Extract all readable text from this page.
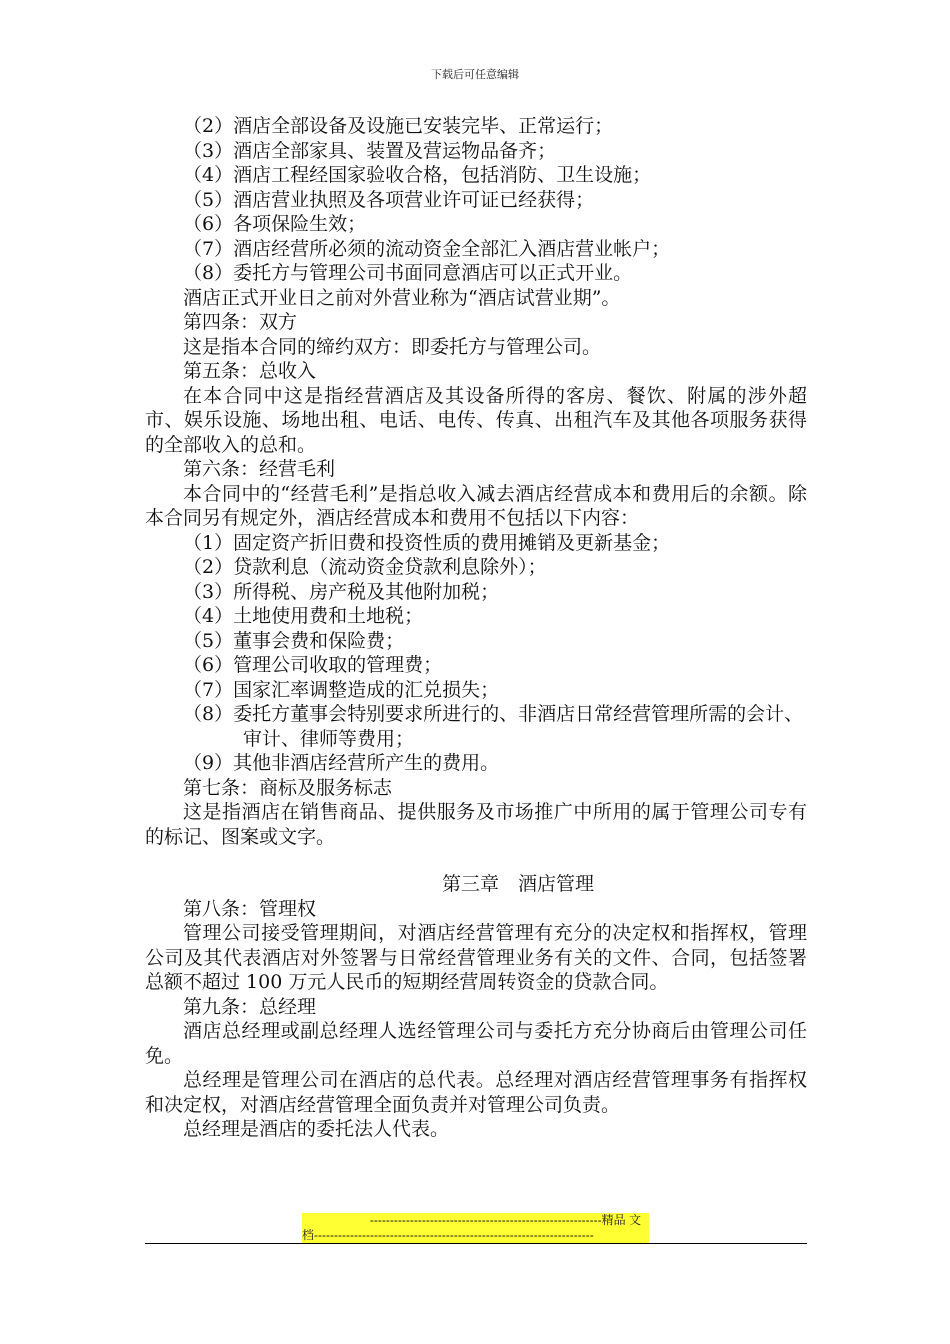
下载后可任意编辑

（2）酒店全部设备及设施已安装完毕、正常运行；

（3）酒店全部家具、装置及营运物品备齐；

（4）酒店工程经国家验收合格，包括消防、卫生设施；

（5）酒店营业执照及各项营业许可证已经获得；

（6）各项保险生效；

（7）酒店经营所必须的流动资金全部汇入酒店营业帐户；

（8）委托方与管理公司书面同意酒店可以正式开业。

酒店正式开业日之前对外营业称为“酒店试营业期”。

第四条：双方

这是指本合同的缔约双方：即委托方与管理公司。

第五条：总收入

在本合同中这是指经营酒店及其设备所得的客房、餐饮、附属的涉外超市、娱乐设施、场地出租、电话、电传、传真、出租汽车及其他各项服务获得的全部收入的总和。

第六条：经营毛利

本合同中的“经营毛利”是指总收入减去酒店经营成本和费用后的余额。除本合同另有规定外，酒店经营成本和费用不包括以下内容：

（1）固定资产折旧费和投资性质的费用摊销及更新基金；

（2）贷款利息（流动资金贷款利息除外）；

（3）所得税、房产税及其他附加税；

（4）土地使用费和土地税；

（5）董事会费和保险费；

（6）管理公司收取的管理费；

（7）国家汇率调整造成的汇兑损失；

（8）委托方董事会特别要求所进行的、非酒店日常经营管理所需的会计、审计、律师等费用；

（9）其他非酒店经营所产生的费用。

第七条：商标及服务标志

这是指酒店在销售商品、提供服务及市场推广中所用的属于管理公司专有的标记、图案或文字。

第三章　酒店管理

第八条：管理权

管理公司接受管理期间，对酒店经营管理有充分的决定权和指挥权，管理公司及其代表酒店对外签署与日常经营管理业务有关的文件、合同，包括签署总额不超过 100 万元人民币的短期经营周转资金的贷款合同。

第九条：总经理

酒店总经理或副总经理人选经管理公司与委托方充分协商后由管理公司任免。

总经理是管理公司在酒店的总代表。总经理对酒店经营管理事务有指挥权和决定权，对酒店经营管理全面负责并对管理公司负责。

总经理是酒店的委托法人代表。

----------------------------------------------------------精品 文
档----------------------------------------------------------------------
